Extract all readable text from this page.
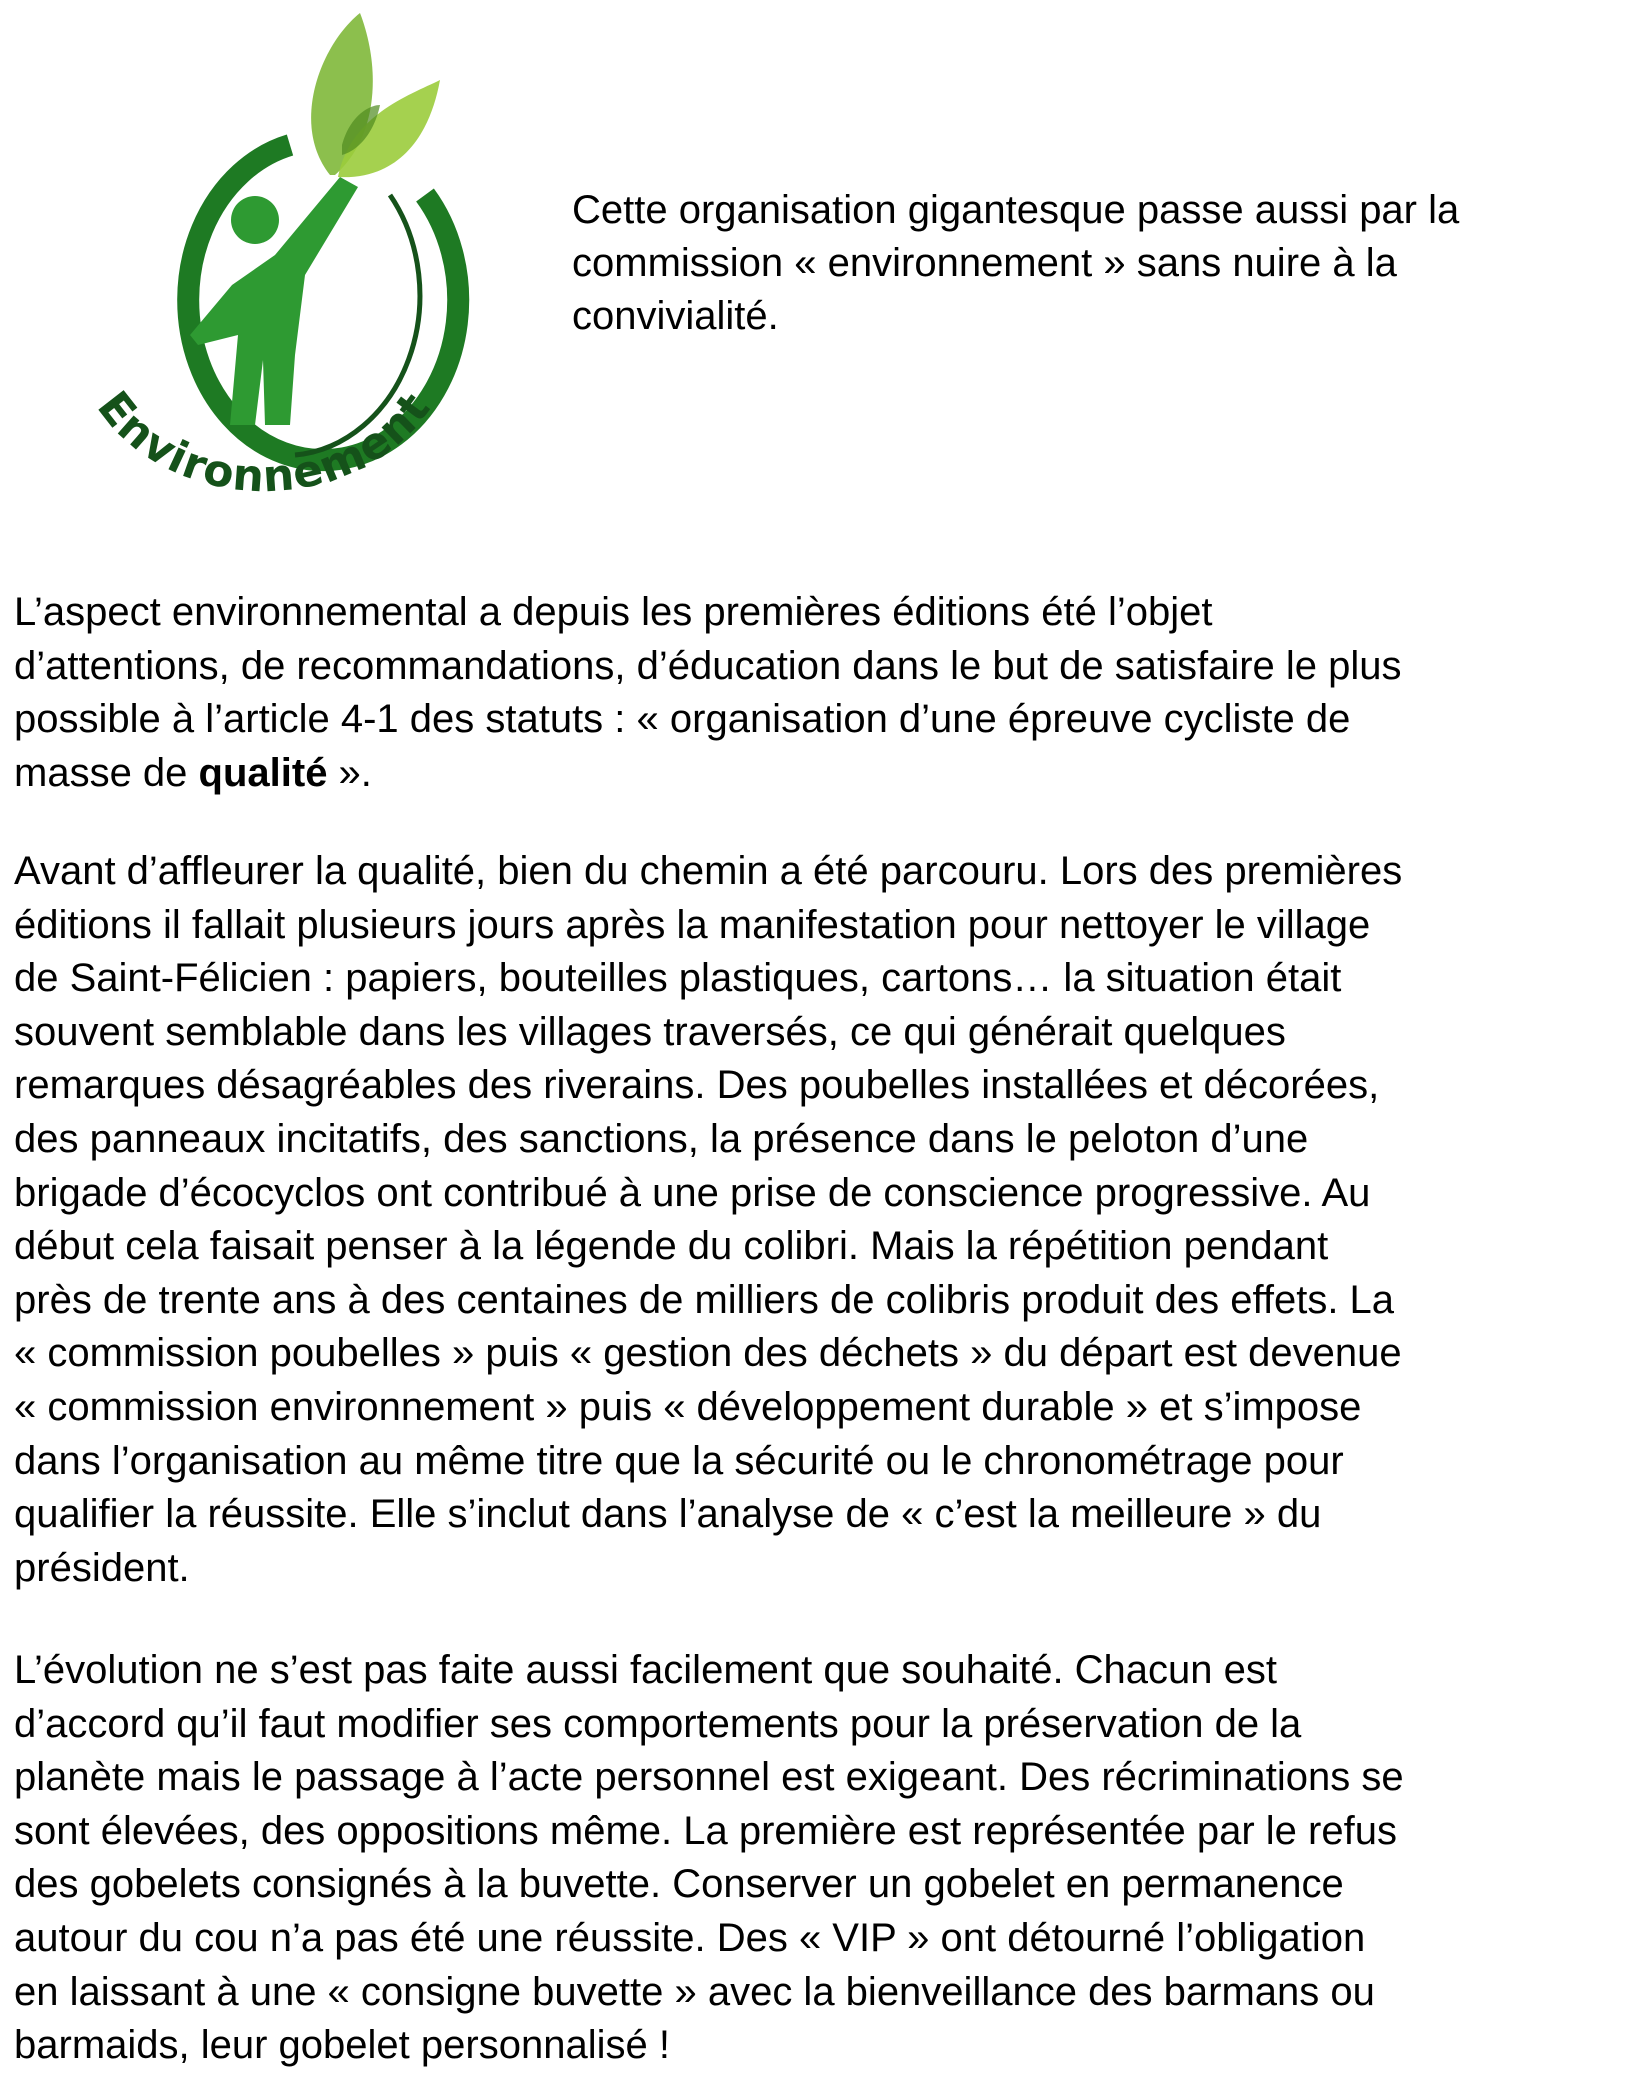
Environnement
Cette organisation gigantesque passe aussi par la
commission « environnement » sans nuire à la
convivialité.
L’aspect environnemental a depuis les premières éditions été l’objet
d’attentions, de recommandations, d’éducation dans le but de satisfaire le plus
possible à l’article 4-1 des statuts : « organisation d’une épreuve cycliste de
masse de qualité ».
Avant d’affleurer la qualité, bien du chemin a été parcouru. Lors des premières
éditions il fallait plusieurs jours après la manifestation pour nettoyer le village
de Saint-Félicien : papiers, bouteilles plastiques, cartons… la situation était
souvent semblable dans les villages traversés, ce qui générait quelques
remarques désagréables des riverains. Des poubelles installées et décorées,
des panneaux incitatifs, des sanctions, la présence dans le peloton d’une
brigade d’écocyclos ont contribué à une prise de conscience progressive. Au
début cela faisait penser à la légende du colibri. Mais la répétition pendant
près de trente ans à des centaines de milliers de colibris produit des effets. La
« commission poubelles » puis « gestion des déchets » du départ est devenue
« commission environnement » puis « développement durable » et s’impose
dans l’organisation au même titre que la sécurité ou le chronométrage pour
qualifier la réussite. Elle s’inclut dans l’analyse de « c’est la meilleure » du
président.
L’évolution ne s’est pas faite aussi facilement que souhaité. Chacun est
d’accord qu’il faut modifier ses comportements pour la préservation de la
planète mais le passage à l’acte personnel est exigeant. Des récriminations se
sont élevées, des oppositions même. La première est représentée par le refus
des gobelets consignés à la buvette. Conserver un gobelet en permanence
autour du cou n’a pas été une réussite. Des « VIP » ont détourné l’obligation
en laissant à une « consigne buvette » avec la bienveillance des barmans ou
barmaids, leur gobelet personnalisé !
